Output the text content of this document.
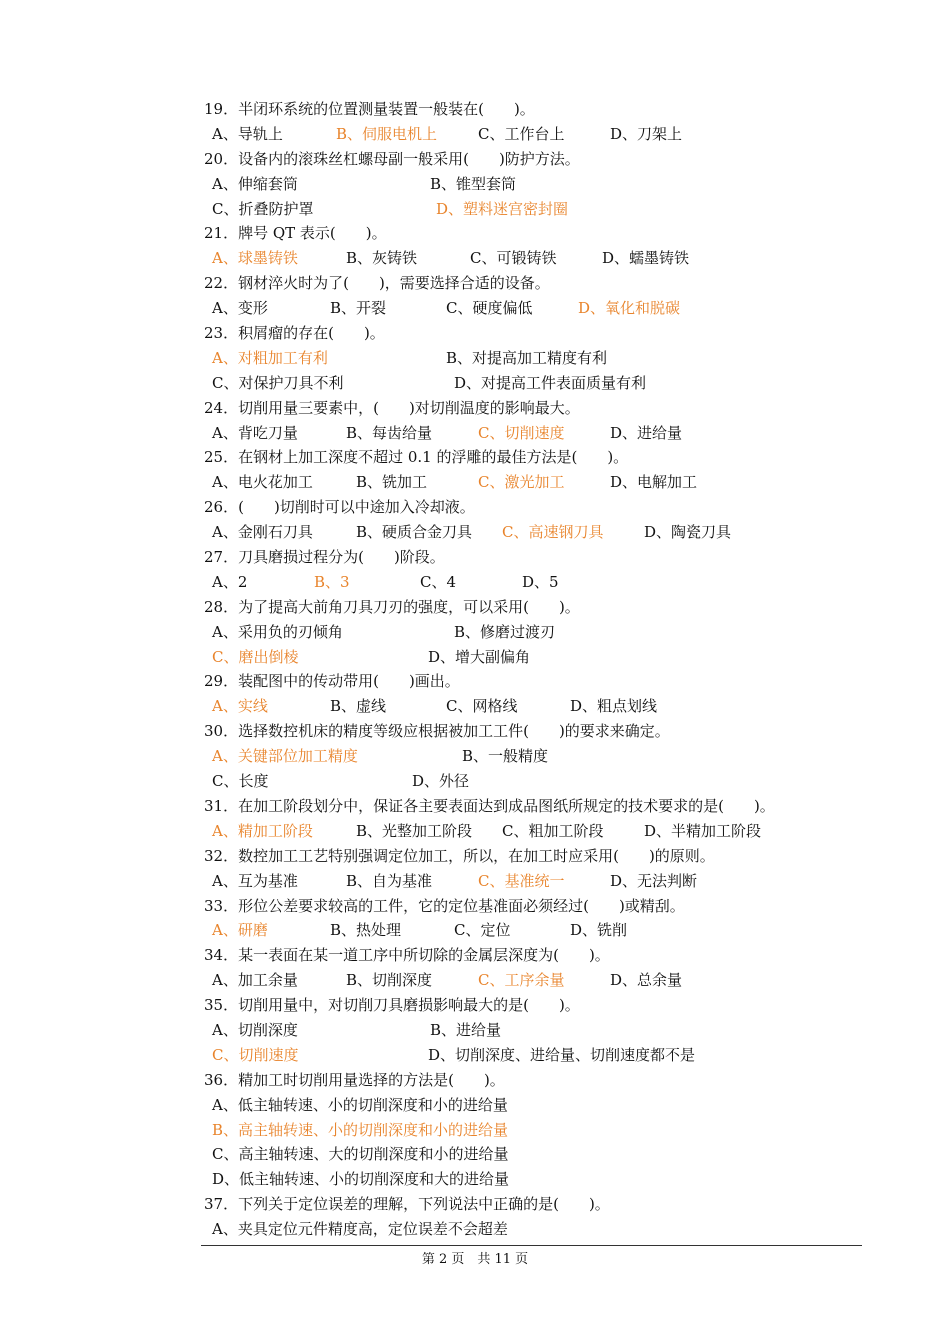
19．半闭环系统的位置测量装置一般装在(　　)。
A、导轨上	B、伺服电机上	C、工作台上	D、刀架上
20．设备内的滚珠丝杠螺母副一般采用(　　)防护方法。
A、伸缩套筒	B、锥型套筒
C、折叠防护罩	D、塑料迷宫密封圈
21．牌号 QT 表示(　　)。
A、球墨铸铁	B、灰铸铁	C、可锻铸铁	D、蠕墨铸铁
22．钢材淬火时为了(　　)，需要选择合适的设备。
A、变形	B、开裂	C、硬度偏低	D、氧化和脱碳
23．积屑瘤的存在(　　)。
A、对粗加工有利	B、对提高加工精度有利
C、对保护刀具不利	D、对提高工件表面质量有利
24．切削用量三要素中，(　　)对切削温度的影响最大。
A、背吃刀量	B、每齿给量	C、切削速度	D、进给量
25．在钢材上加工深度不超过 0.1 的浮雕的最佳方法是(　　)。
A、电火花加工	B、铣加工	C、激光加工	D、电解加工
26．(　　)切削时可以中途加入冷却液。
A、金刚石刀具	B、硬质合金刀具 C、高速钢刀具	D、陶瓷刀具
27．刀具磨损过程分为(　　)阶段。
A、2	B、3	C、4	D、5
28．为了提高大前角刀具刀刃的强度，可以采用(　　)。
A、采用负的刃倾角	B、修磨过渡刃
C、磨出倒棱	D、增大副偏角
29．装配图中的传动带用(　　)画出。
A、实线	B、虚线	C、网格线	D、粗点划线
30．选择数控机床的精度等级应根据被加工工件(　　)的要求来确定。
A、关键部位加工精度	B、一般精度
C、长度	D、外径
31．在加工阶段划分中，保证各主要表面达到成品图纸所规定的技术要求的是(　　)。
A、精加工阶段	B、光整加工阶段 C、粗加工阶段	D、半精加工阶段
32．数控加工工艺特别强调定位加工，所以，在加工时应采用(　　)的原则。
A、互为基准	B、自为基准	C、基准统一	D、无法判断
33．形位公差要求较高的工件，它的定位基准面必须经过(　　)或精刮。
A、研磨	B、热处理	C、定位	D、铣削
34．某一表面在某一道工序中所切除的金属层深度为(　　)。
A、加工余量	B、切削深度	C、工序余量	D、总余量
35．切削用量中，对切削刀具磨损影响最大的是(　　)。
A、切削深度	B、进给量
C、切削速度	D、切削深度、进给量、切削速度都不是
36．精加工时切削用量选择的方法是(　　)。
A、低主轴转速、小的切削深度和小的进给量
B、高主轴转速、小的切削深度和小的进给量
C、高主轴转速、大的切削深度和小的进给量
D、低主轴转速、小的切削深度和大的进给量
37．下列关于定位误差的理解，下列说法中正确的是(　　)。
A、夹具定位元件精度高，定位误差不会超差
第 2 页　共 11 页
